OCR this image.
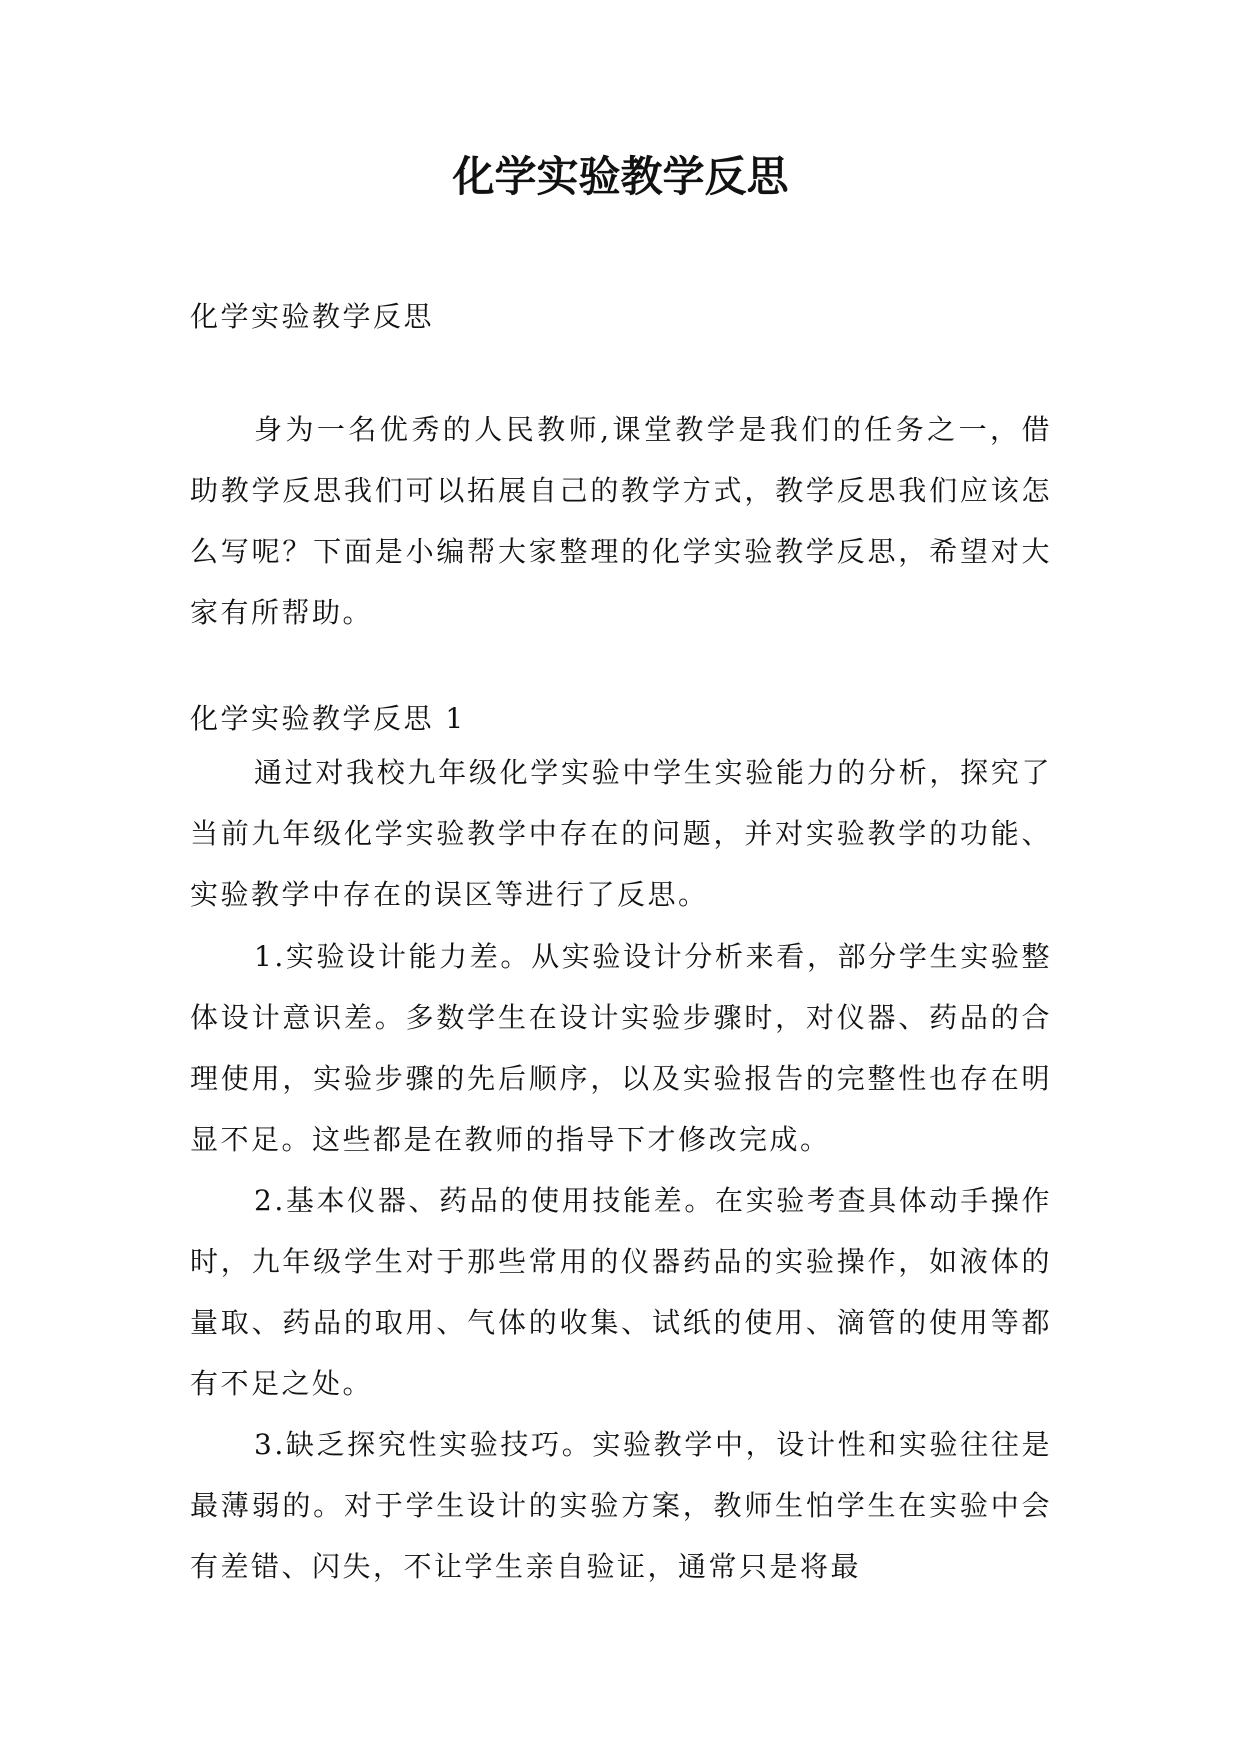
化学实验教学反思

化学实验教学反思

身为一名优秀的人民教师,课堂教学是我们的任务之一，借助教学反思我们可以拓展自己的教学方式，教学反思我们应该怎么写呢？下面是小编帮大家整理的化学实验教学反思，希望对大家有所帮助。

化学实验教学反思 1

通过对我校九年级化学实验中学生实验能力的分析，探究了当前九年级化学实验教学中存在的问题，并对实验教学的功能、实验教学中存在的误区等进行了反思。

1.实验设计能力差。从实验设计分析来看，部分学生实验整体设计意识差。多数学生在设计实验步骤时，对仪器、药品的合理使用，实验步骤的先后顺序，以及实验报告的完整性也存在明显不足。这些都是在教师的指导下才修改完成。

2.基本仪器、药品的使用技能差。在实验考查具体动手操作时，九年级学生对于那些常用的仪器药品的实验操作，如液体的量取、药品的取用、气体的收集、试纸的使用、滴管的使用等都有不足之处。

3.缺乏探究性实验技巧。实验教学中，设计性和实验往往是最薄弱的。对于学生设计的实验方案，教师生怕学生在实验中会有差错、闪失，不让学生亲自验证，通常只是将最
